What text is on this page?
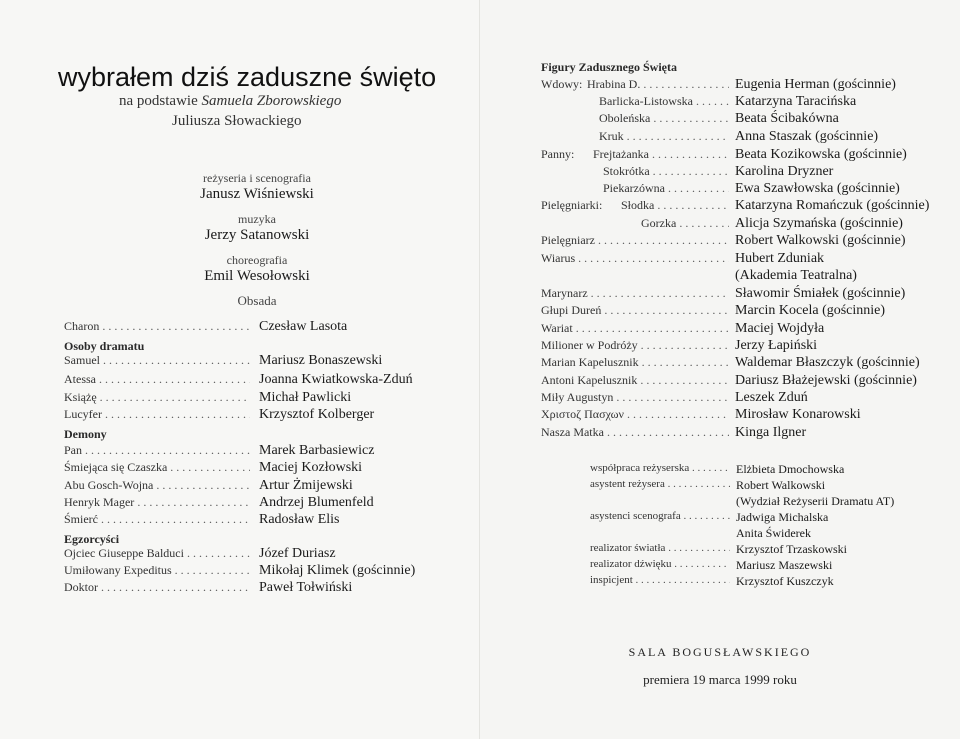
wybrałem dziś zaduszne święto
na podstawie Samuela Zborowskiego
Juliusza Słowackiego
reżyseria i scenografia
Janusz Wiśniewski
muzyka
Jerzy Satanowski
choreografia
Emil Wesołowski
Obsada
Charon . . .	Czesław Lasota
Osoby dramatu
Samuel . . .	Mariusz Bonaszewski
Atessa . . .	Joanna Kwiatkowska-Zduń
Książę . . .	Michał Pawlicki
Lucyfer . . .	Krzysztof Kolberger
Demony
Pan . . .	Marek Barbasiewicz
Śmiejąca się Czaszka . . .	Maciej Kozłowski
Abu Gosch-Wojna . . .	Artur Żmijewski
Henryk Mager . . .	Andrzej Blumenfeld
Śmierć . . .	Radosław Elis
Egzorcyści
Ojciec Giuseppe Balduci . . .	Józef Duriasz
Umiłowany Expeditus . . .	Mikołaj Klimek (gościnnie)
Doktor . . .	Paweł Tołwiński
Figury Zadusznego Święta
Wdowy: Hrabina D. . . .	Eugenia Herman (gościnnie)
Barlicka-Listowska . . .	Katarzyna Taracińska
Oboleńska . . .	Beata Ścibakówna
Kruk . . .	Anna Staszak (gościnnie)
Panny: Frejtażanka . . .	Beata Kozikowska (gościnnie)
Stokrótka . . .	Karolina Dryzner
Piekarzówna . . .	Ewa Szawłowska (gościnnie)
Pielęgniarki: Słodka . . .	Katarzyna Romańczuk (gościnnie)
Gorzka . . .	Alicja Szymańska (gościnnie)
Pielęgniarz . . .	Robert Walkowski (gościnnie)
Wiarus . . .	Hubert Zduniak
(Akademia Teatralna)
Marynarz . . .	Sławomir Śmiałek (gościnnie)
Głupi Dureń . . .	Marcin Kocela (gościnnie)
Wariat . . .	Maciej Wojdyła
Milioner w Podróży . . .	Jerzy Łapiński
Marian Kapelusznik . . .	Waldemar Błaszczyk (gościnnie)
Antoni Kapelusznik . . .	Dariusz Błażejewski (gościnnie)
Miły Augustyn . . .	Leszek Zduń
Χριστοζ Πασχων . . .	Mirosław Konarowski
Nasza Matka . . .	Kinga Ilgner
współpraca reżyserska . . .	Elżbieta Dmochowska
asystent reżysera . . .	Robert Walkowski
(Wydział Reżyserii Dramatu AT)
asystenci scenografa . . .	Jadwiga Michalska
Anita Świderek
realizator światła . . .	Krzysztof Trzaskowski
realizator dźwięku . . .	Mariusz Maszewski
inspicjent . . .	Krzysztof Kuszczyk
SALA BOGUSŁAWSKIEGO
premiera 19 marca 1999 roku
